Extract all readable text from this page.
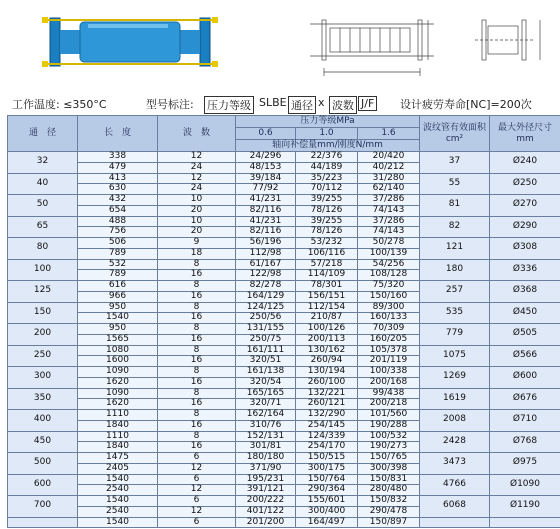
工作温度: ≤350°C	型号标注: 压力等级 SLBE 通径 x 波数 J/F 设计疲劳寿命[NC]=200次
通　径	长　度	波　数	压力等级MPa			波纹管有效面积cm²	最大外径尺寸mm
			0.6	1.0	1.6		
			轴向补偿量mm/刚度N/mm				
32	338	12	24/296	22/376	20/420	37	Ø240
	479	24	48/153	44/189	40/212		
40	413	12	39/184	35/223	31/280	55	Ø250
	630	24	77/92	70/112	62/140		
50	432	10	41/231	39/255	37/286	81	Ø270
	654	20	82/116	78/126	74/143		
65	488	10	41/231	39/255	37/286	82	Ø290
	756	20	82/116	78/126	74/143		
80	506	9	56/196	53/232	50/278	121	Ø308
	789	18	112/98	106/116	100/139		
100	532	8	61/167	57/218	54/256	180	Ø336
	789	16	122/98	114/109	108/128		
125	616	8	82/278	78/301	75/320	257	Ø368
	966	16	164/129	156/151	150/160		
150	950	8	124/125	112/154	89/300	535	Ø450
	1540	16	250/56	210/87	160/133		
200	950	8	131/155	100/126	70/309	779	Ø505
	1565	16	250/75	200/113	160/205		
250	1080	8	161/111	130/162	105/378	1075	Ø566
	1600	16	320/51	260/94	201/119		
300	1090	8	161/138	130/194	100/338	1269	Ø600
	1620	16	320/54	260/100	200/168		
350	1090	8	165/165	132/221	99/438	1619	Ø676
	1620	16	320/71	260/121	200/218		
400	1110	8	162/164	132/290	101/560	2008	Ø710
	1840	16	310/76	254/145	190/288		
450	1110	8	152/131	124/339	100/532	2428	Ø768
	1840	16	301/81	254/170	190/273		
500	1475	6	180/180	150/515	150/765	3473	Ø975
	2405	12	371/90	300/175	300/398		
600	1540	6	195/231	150/764	150/831	4766	Ø1090
	2540	12	391/121	290/364	280/480		
700	1540	6	200/222	155/601	150/832	6068	Ø1190
	2540	12	401/122	300/400	290/478		
	1540	6	201/200	164/497	150/897		
